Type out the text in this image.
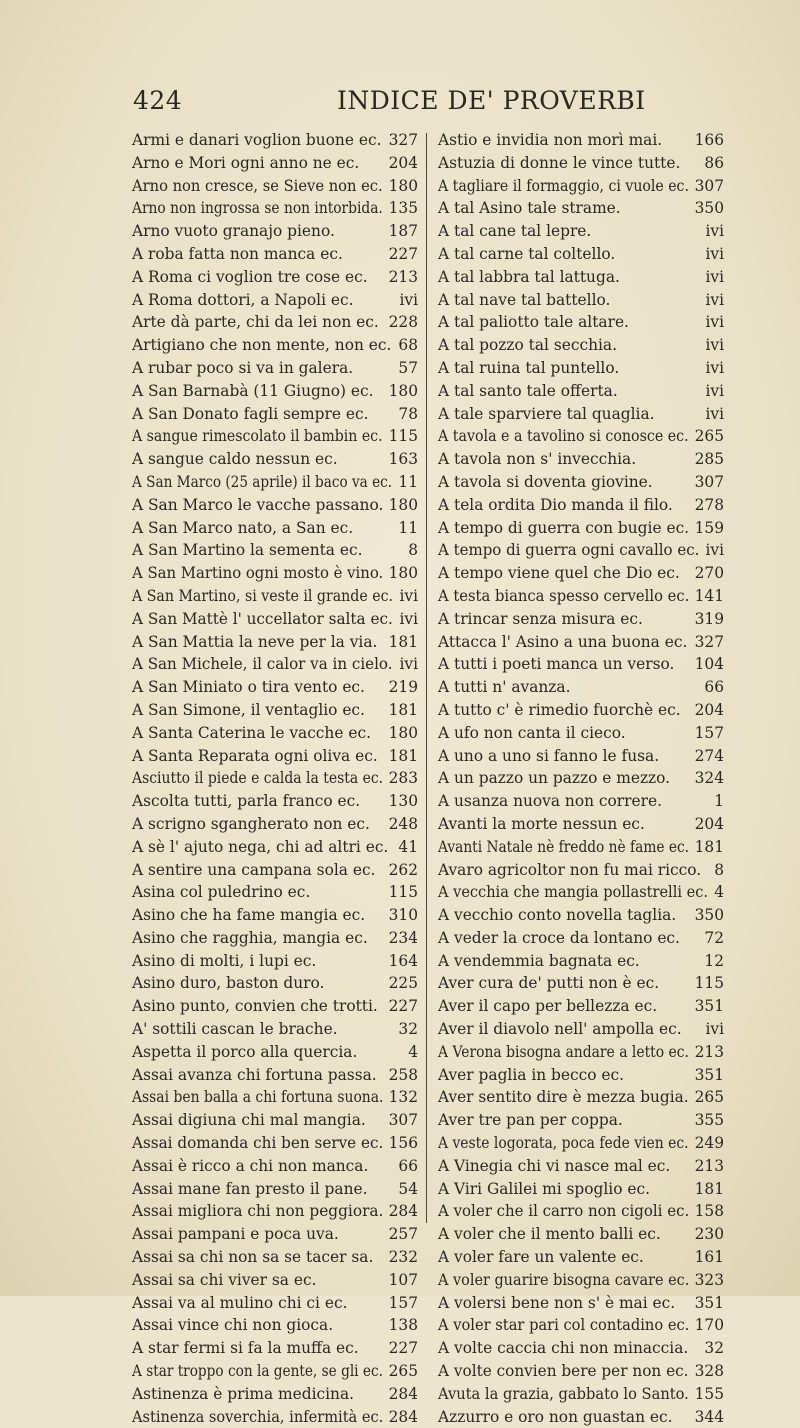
424	INDICE DE' PROVERBI
Armi e danari voglion buone ec. 327
Arno e Mori ogni anno ne ec. 204
Arno non cresce, se Sieve non ec. 180
Arno non ingrossa se non intorbida. 135
Arno vuoto granajo pieno.	187
A roba fatta non manca ec.	227
A Roma ci voglion tre cose ec. 213
A Roma dottori, a Napoli ec.	ivi
Arte dà parte, chi da lei non ec. 228
Artigiano che non mente, non ec. 68
A rubar poco si va in galera.	57
A San Barnabà (11 Giugno) ec. 180
A San Donato fagli sempre ec. 78
A sangue rimescolato il bambin ec. 115
A sangue caldo nessun ec.	163
A San Marco (25 aprile) il baco va ec. 11
A San Marco le vacche passano. 180
A San Marco nato, a San ec.	11
A San Martino la sementa ec.	8
A San Martino ogni mosto è vino. 180
A San Martino, si veste il grande ec. ivi
A San Mattè l' uccellator salta ec. ivi
A San Mattia la neve per la via. 181
A San Michele, il calor va in cielo. ivi
A San Miniato o tira vento ec. 219
A San Simone, il ventaglio ec. 181
A Santa Caterina le vacche ec. 180
A Santa Reparata ogni oliva ec. 181
Asciutto il piede e calda la testa ec. 283
Ascolta tutti, parla franco ec. 130
A scrigno sgangherato non ec. 248
A sè l' ajuto nega, chi ad altri ec. 41
A sentire una campana sola ec. 262
Asina col puledrino ec.	115
Asino che ha fame mangia ec. 310
Asino che ragghia, mangia ec. 234
Asino di molti, i lupi ec.	164
Asino duro, baston duro.	225
Asino punto, convien che trotti. 227
A' sottili cascan le brache.	32
Aspetta il porco alla quercia.	4
Assai avanza chi fortuna passa. 258
Assai ben balla a chi fortuna suona. 132
Assai digiuna chi mal mangia. 307
Assai domanda chi ben serve ec. 156
Assai è ricco a chi non manca. 66
Assai mane fan presto il pane. 54
Assai migliora chi non peggiora. 284
Assai pampani e poca uva.	257
Assai sa chi non sa se tacer sa. 232
Assai sa chi viver sa ec.	107
Assai va al mulino chi ci ec.	157
Assai vince chi non gioca.	138
A star fermi si fa la muffa ec. 227
A star troppo con la gente, se gli ec. 265
Astinenza è prima medicina. 284
Astinenza soverchia, infermità ec. 284
Astio e invidia non morì mai. 166
Astuzia di donne le vince tutte. 86
A tagliare il formaggio, ci vuole ec. 307
A tal Asino tale strame.	350
A tal cane tal lepre.	ivi
A tal carne tal coltello.	ivi
A tal labbra tal lattuga.	ivi
A tal nave tal battello.	ivi
A tal paliotto tale altare.	ivi
A tal pozzo tal secchia.	ivi
A tal ruina tal puntello.	ivi
A tal santo tale offerta.	ivi
A tale sparviere tal quaglia.	ivi
A tavola e a tavolino si conosce ec. 265
A tavola non s' invecchia.	285
A tavola si doventa giovine.	307
A tela ordita Dio manda il filo. 278
A tempo di guerra con bugie ec. 159
A tempo di guerra ogni cavallo ec. ivi
A tempo viene quel che Dio ec. 270
A testa bianca spesso cervello ec. 141
A trincar senza misura ec.	319
Attacca l' Asino a una buona ec. 327
A tutti i poeti manca un verso. 104
A tutti n' avanza.	66
A tutto c' è rimedio fuorchè ec. 204
A ufo non canta il cieco.	157
A uno a uno si fanno le fusa. 274
A un pazzo un pazzo e mezzo. 324
A usanza nuova non correre.	1
Avanti la morte nessun ec.	204
Avanti Natale nè freddo nè fame ec. 181
Avaro agricoltor non fu mai ricco. 8
A vecchia che mangia pollastrelli ec. 4
A vecchio conto novella taglia. 350
A veder la croce da lontano ec. 72
A vendemmia bagnata ec.	12
Aver cura de' putti non è ec. 115
Aver il capo per bellezza ec. 351
Aver il diavolo nell' ampolla ec. ivi
A Verona bisogna andare a letto ec. 213
Aver paglia in becco ec.	351
Aver sentito dire è mezza bugia. 265
Aver tre pan per coppa.	355
A veste logorata, poca fede vien ec. 249
A Vinegia chi vi nasce mal ec. 213
A Viri Galilei mi spoglio ec.	181
A voler che il carro non cigoli ec. 158
A voler che il mento balli ec. 230
A voler fare un valente ec.	161
A voler guarire bisogna cavare ec. 323
A volersi bene non s' è mai ec. 351
A voler star pari col contadino ec. 170
A volte caccia chi non minaccia. 32
A volte convien bere per non ec. 328
Avuta la grazia, gabbato lo Santo. 155
Azzurro e oro non guastan ec. 344
